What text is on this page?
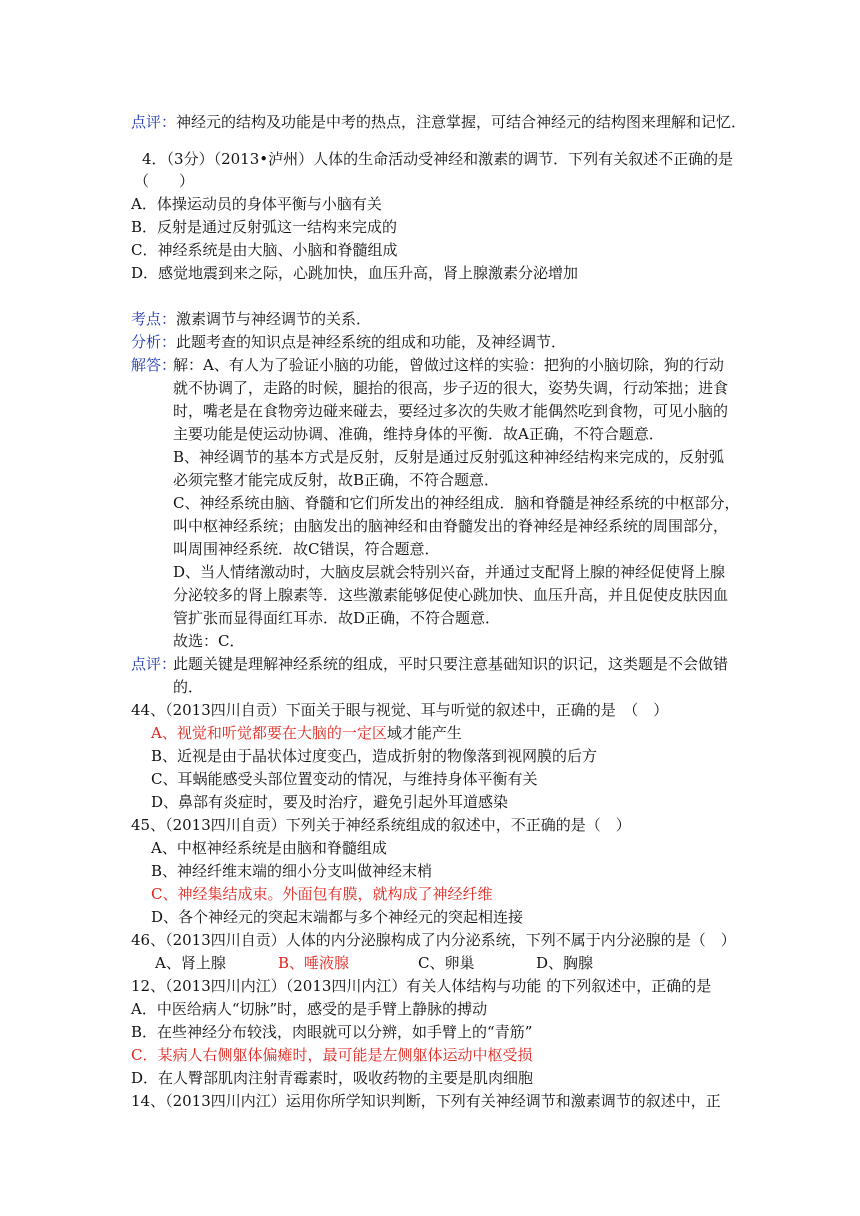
点评：神经元的结构及功能是中考的热点，注意掌握，可结合神经元的结构图来理解和记忆．
4．（3分）（2013•泸州）人体的生命活动受神经和激素的调节．下列有关叙述不正确的是
（　　）
A．体操运动员的身体平衡与小脑有关
B．反射是通过反射弧这一结构来完成的
C．神经系统是由大脑、小脑和脊髓组成
D．感觉地震到来之际，心跳加快，血压升高，肾上腺激素分泌增加
考点：激素调节与神经调节的关系．
分析：此题考查的知识点是神经系统的组成和功能，及神经调节．
解答：
解：A、有人为了验证小脑的功能，曾做过这样的实验：把狗的小脑切除，狗的行动
就不协调了，走路的时候，腿抬的很高，步子迈的很大，姿势失调，行动笨拙；进食
时，嘴老是在食物旁边碰来碰去，要经过多次的失败才能偶然吃到食物，可见小脑的
主要功能是使运动协调、准确，维持身体的平衡．故A正确，不符合题意．
B、神经调节的基本方式是反射，反射是通过反射弧这种神经结构来完成的，反射弧
必须完整才能完成反射，故B正确，不符合题意．
C、神经系统由脑、脊髓和它们所发出的神经组成．脑和脊髓是神经系统的中枢部分，
叫中枢神经系统；由脑发出的脑神经和由脊髓发出的脊神经是神经系统的周围部分，
叫周围神经系统．故C错误，符合题意．
D、当人情绪激动时，大脑皮层就会特别兴奋，并通过支配肾上腺的神经促使肾上腺
分泌较多的肾上腺素等．这些激素能够促使心跳加快、血压升高，并且促使皮肤因血
管扩张而显得面红耳赤．故D正确，不符合题意．
故选：C．
点评：
此题关键是理解神经系统的组成，平时只要注意基础知识的识记，这类题是不会做错
的．
44、（2013四川自贡）下面关于眼与视觉、耳与听觉的叙述中，正确的是　（　）
A、视觉和听觉都要在大脑的一定区域才能产生
B、近视是由于晶状体过度变凸，造成折射的物像落到视网膜的后方
C、耳蜗能感受头部位置变动的情况，与维持身体平衡有关
D、鼻部有炎症时，要及时治疗，避免引起外耳道感染
45、（2013四川自贡）下列关于神经系统组成的叙述中，不正确的是（　）
A、中枢神经系统是由脑和脊髓组成
B、神经纤维末端的细小分支叫做神经末梢
C、神经集结成束。外面包有膜，就构成了神经纤维
D、各个神经元的突起末端都与多个神经元的突起相连接
46、（2013四川自贡）人体的内分泌腺构成了内分泌系统，下列不属于内分泌腺的是（　）
A、肾上腺	B、唾液腺	C、卵巢	D、胸腺
12、（2013四川内江）（2013四川内江）有关人体结构与功能 的下列叙述中，正确的是
A．中医给病人“切脉”时，感受的是手臂上静脉的搏动
B．在些神经分布较浅，肉眼就可以分辨，如手臂上的“青筋”
C．某病人右侧躯体偏瘫时，最可能是左侧躯体运动中枢受损
D．在人臀部肌肉注射青霉素时，吸收药物的主要是肌肉细胞
14、（2013四川内江）运用你所学知识判断，下列有关神经调节和激素调节的叙述中，正
